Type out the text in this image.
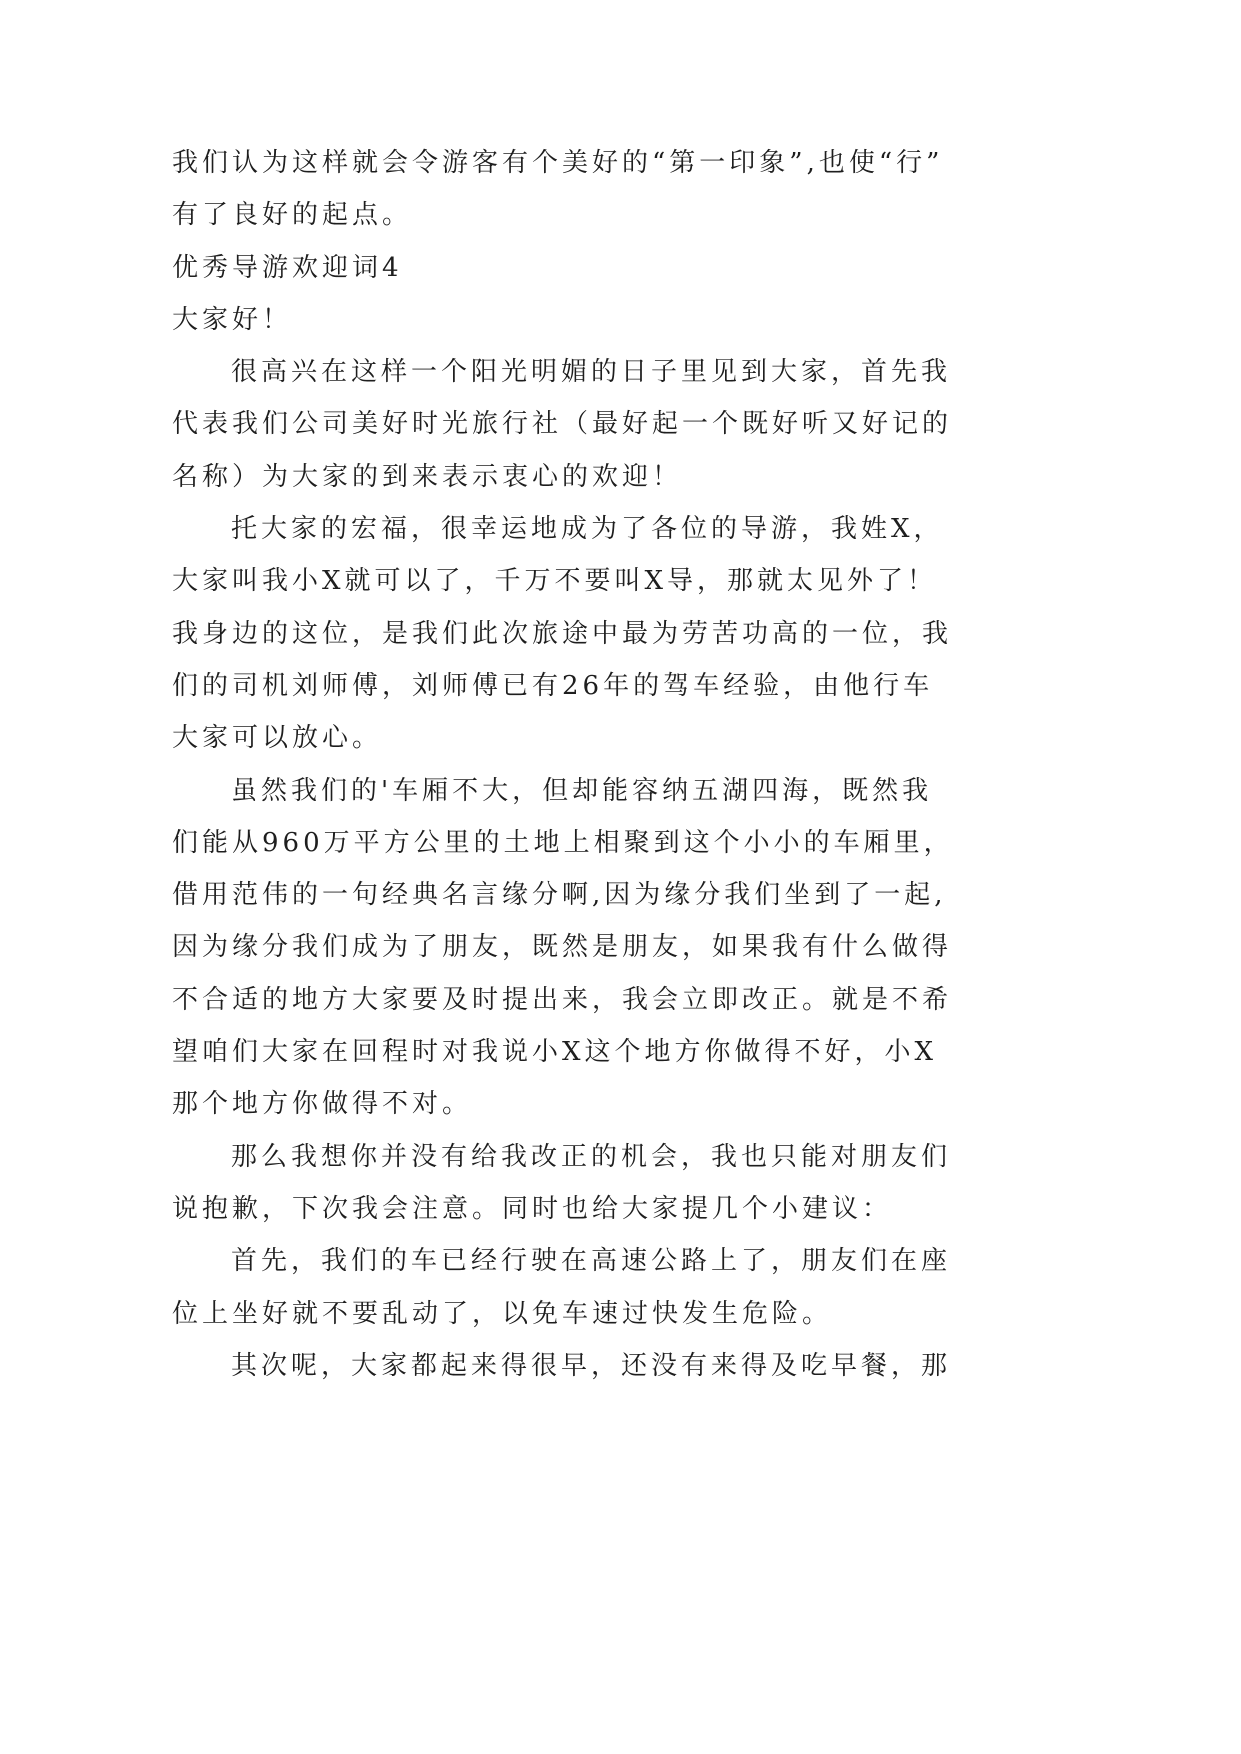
我们认为这样就会令游客有个美好的“第一印象”,也使“行”
有了良好的起点。
优秀导游欢迎词4
大家好！
很高兴在这样一个阳光明媚的日子里见到大家，首先我
代表我们公司美好时光旅行社（最好起一个既好听又好记的
名称）为大家的到来表示衷心的欢迎！
托大家的宏福，很幸运地成为了各位的导游，我姓X，
大家叫我小X就可以了，千万不要叫X导，那就太见外了！
我身边的这位，是我们此次旅途中最为劳苦功高的一位，我
们的司机刘师傅，刘师傅已有26年的驾车经验，由他行车
大家可以放心。
虽然我们的'车厢不大，但却能容纳五湖四海，既然我
们能从960万平方公里的土地上相聚到这个小小的车厢里，
借用范伟的一句经典名言缘分啊,因为缘分我们坐到了一起,
因为缘分我们成为了朋友，既然是朋友，如果我有什么做得
不合适的地方大家要及时提出来，我会立即改正。就是不希
望咱们大家在回程时对我说小X这个地方你做得不好，小X
那个地方你做得不对。
那么我想你并没有给我改正的机会，我也只能对朋友们
说抱歉，下次我会注意。同时也给大家提几个小建议：
首先，我们的车已经行驶在高速公路上了，朋友们在座
位上坐好就不要乱动了，以免车速过快发生危险。
其次呢，大家都起来得很早，还没有来得及吃早餐，那
